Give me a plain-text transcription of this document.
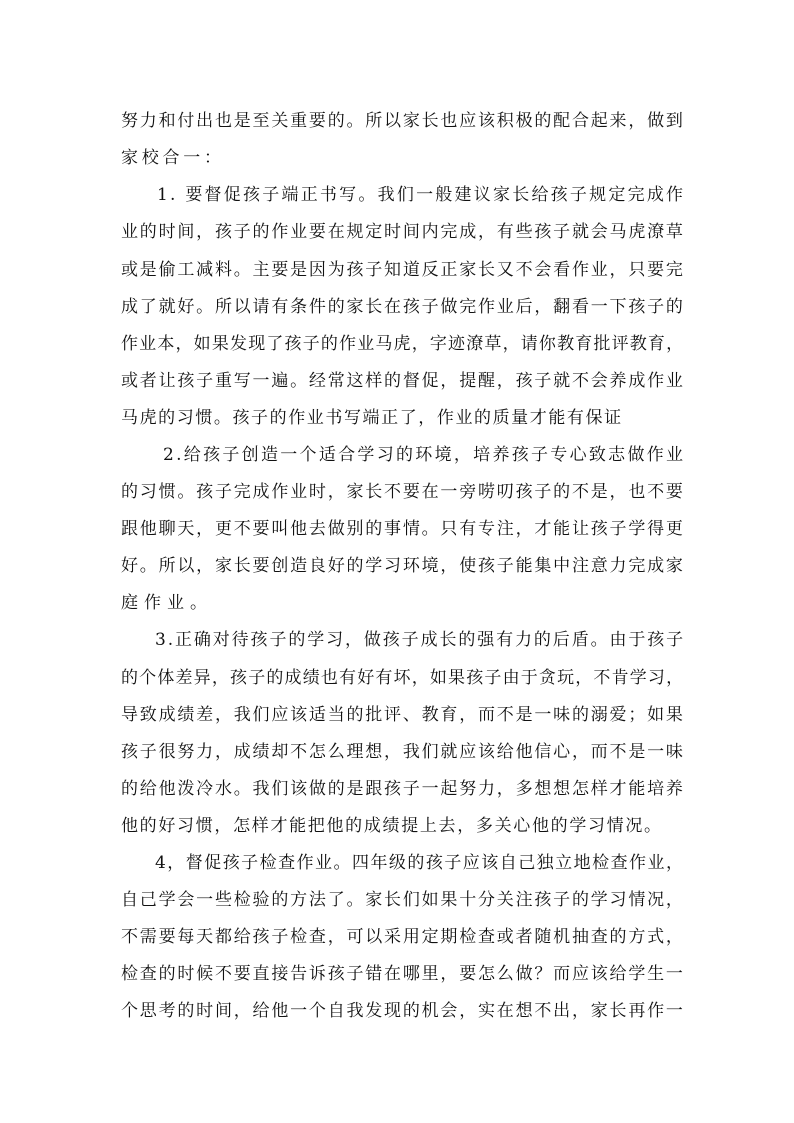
努力和付出也是至关重要的。所以家长也应该积极的配合起来，做到
家校合一：
1. 要督促孩子端正书写。我们一般建议家长给孩子规定完成作
业的时间，孩子的作业要在规定时间内完成，有些孩子就会马虎潦草
或是偷工减料。主要是因为孩子知道反正家长又不会看作业，只要完
成了就好。所以请有条件的家长在孩子做完作业后，翻看一下孩子的
作业本，如果发现了孩子的作业马虎，字迹潦草，请你教育批评教育，
或者让孩子重写一遍。经常这样的督促，提醒，孩子就不会养成作业
马虎的习惯。孩子的作业书写端正了，作业的质量才能有保证
2.给孩子创造一个适合学习的环境，培养孩子专心致志做作业
的习惯。孩子完成作业时，家长不要在一旁唠叨孩子的不是，也不要
跟他聊天，更不要叫他去做别的事情。只有专注，才能让孩子学得更
好。所以，家长要创造良好的学习环境，使孩子能集中注意力完成家
庭作业。
3.正确对待孩子的学习，做孩子成长的强有力的后盾。由于孩子
的个体差异，孩子的成绩也有好有坏，如果孩子由于贪玩，不肯学习，
导致成绩差，我们应该适当的批评、教育，而不是一味的溺爱；如果
孩子很努力，成绩却不怎么理想，我们就应该给他信心，而不是一味
的给他泼冷水。我们该做的是跟孩子一起努力，多想想怎样才能培养
他的好习惯，怎样才能把他的成绩提上去，多关心他的学习情况。
4，督促孩子检查作业。四年级的孩子应该自己独立地检查作业，
自己学会一些检验的方法了。家长们如果十分关注孩子的学习情况，
不需要每天都给孩子检查，可以采用定期检查或者随机抽查的方式，
检查的时候不要直接告诉孩子错在哪里，要怎么做？而应该给学生一
个思考的时间，给他一个自我发现的机会，实在想不出，家长再作一
